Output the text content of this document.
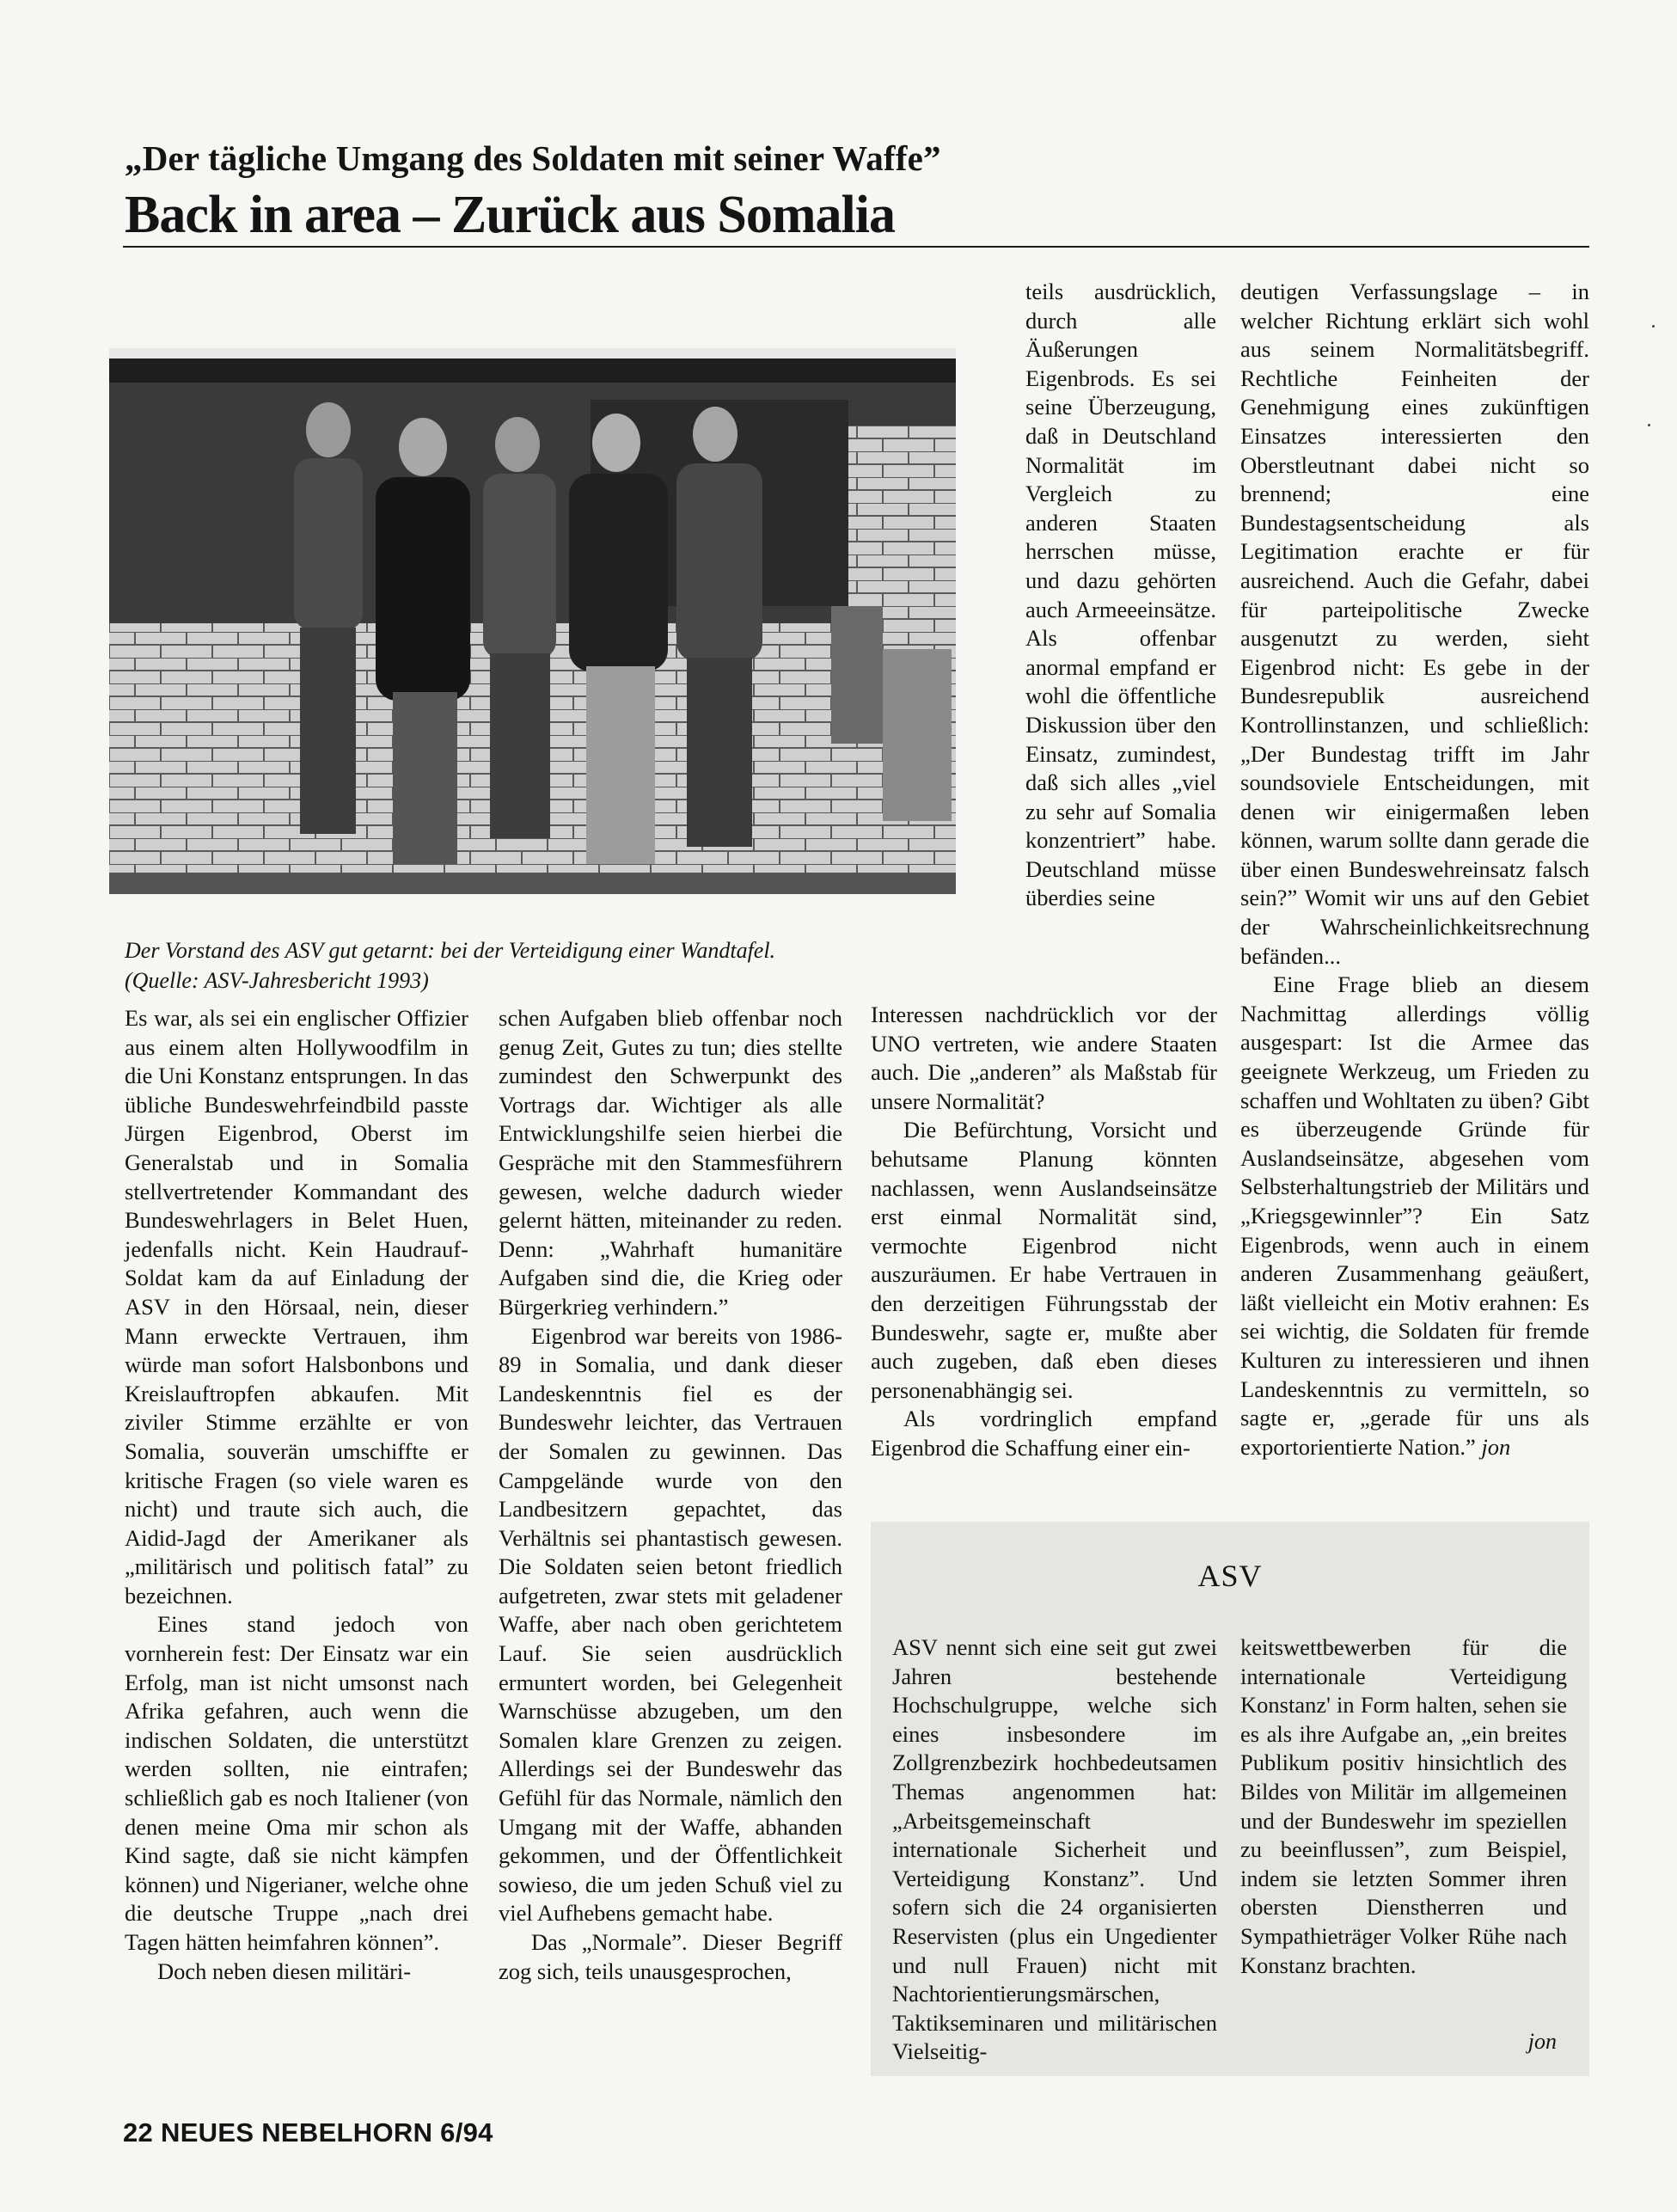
„Der tägliche Umgang des Soldaten mit seiner Waffe”
Back in area – Zurück aus Somalia
Der Vorstand des ASV gut getarnt: bei der Verteidigung einer Wandtafel.
(Quelle: ASV-Jahresbericht 1993)

Es war, als sei ein englischer Offizier aus einem alten Hollywoodfilm in die Uni Konstanz entsprungen. In das übliche Bundeswehrfeindbild passte Jürgen Eigenbrod, Oberst im Generalstab und in Somalia stellvertretender Kommandant des Bundeswehrlagers in Belet Huen, jedenfalls nicht. Kein Haudrauf-Soldat kam da auf Einladung der ASV in den Hörsaal, nein, dieser Mann erweckte Vertrauen, ihm würde man sofort Halsbonbons und Kreislauftropfen abkaufen. Mit ziviler Stimme erzählte er von Somalia, souverän umschiffte er kritische Fragen (so viele waren es nicht) und traute sich auch, die Aidid-Jagd der Amerikaner als „militärisch und politisch fatal” zu bezeichnen.

Eines stand jedoch von vornherein fest: Der Einsatz war ein Erfolg, man ist nicht umsonst nach Afrika gefahren, auch wenn die indischen Soldaten, die unterstützt werden sollten, nie eintrafen; schließlich gab es noch Italiener (von denen meine Oma mir schon als Kind sagte, daß sie nicht kämpfen können) und Nigerianer, welche ohne die deutsche Truppe „nach drei Tagen hätten heimfahren können”.

Doch neben diesen militäri-

schen Aufgaben blieb offenbar noch genug Zeit, Gutes zu tun; dies stellte zumindest den Schwerpunkt des Vortrags dar. Wichtiger als alle Entwicklungshilfe seien hierbei die Gespräche mit den Stammesführern gewesen, welche dadurch wieder gelernt hätten, miteinander zu reden. Denn: „Wahrhaft humanitäre Aufgaben sind die, die Krieg oder Bürgerkrieg verhindern.”

Eigenbrod war bereits von 1986-89 in Somalia, und dank dieser Landeskenntnis fiel es der Bundeswehr leichter, das Vertrauen der Somalen zu gewinnen. Das Campgelände wurde von den Landbesitzern gepachtet, das Verhältnis sei phantastisch gewesen. Die Soldaten seien betont friedlich aufgetreten, zwar stets mit geladener Waffe, aber nach oben gerichtetem Lauf. Sie seien ausdrücklich ermuntert worden, bei Gelegenheit Warnschüsse abzugeben, um den Somalen klare Grenzen zu zeigen. Allerdings sei der Bundeswehr das Gefühl für das Normale, nämlich den Umgang mit der Waffe, abhanden gekommen, und der Öffentlichkeit sowieso, die um jeden Schuß viel zu viel Aufhebens gemacht habe.

Das „Normale”. Dieser Begriff zog sich, teils unausgesprochen,

teils ausdrücklich, durch alle Äußerungen Eigenbrods. Es sei seine Überzeugung, daß in Deutschland Normalität im Vergleich zu anderen Staaten herrschen müsse, und dazu gehörten auch Armeeeinsätze. Als offenbar anormal empfand er wohl die öffentliche Diskussion über den Einsatz, zumindest, daß sich alles „viel zu sehr auf Somalia konzentriert” habe. Deutschland müsse überdies seine

Interessen nachdrücklich vor der UNO vertreten, wie andere Staaten auch. Die „anderen” als Maßstab für unsere Normalität?

Die Befürchtung, Vorsicht und behutsame Planung könnten nachlassen, wenn Auslandseinsätze erst einmal Normalität sind, vermochte Eigenbrod nicht auszuräumen. Er habe Vertrauen in den derzeitigen Führungsstab der Bundeswehr, sagte er, mußte aber auch zugeben, daß eben dieses personenabhängig sei.

Als vordringlich empfand Eigenbrod die Schaffung einer ein-

deutigen Verfassungslage – in welcher Richtung erklärt sich wohl aus seinem Normalitätsbegriff. Rechtliche Feinheiten der Genehmigung eines zukünftigen Einsatzes interessierten den Oberstleutnant dabei nicht so brennend; eine Bundestagsentscheidung als Legitimation erachte er für ausreichend. Auch die Gefahr, dabei für parteipolitische Zwecke ausgenutzt zu werden, sieht Eigenbrod nicht: Es gebe in der Bundesrepublik ausreichend Kontrollinstanzen, und schließlich: „Der Bundestag trifft im Jahr soundsoviele Entscheidungen, mit denen wir einigermaßen leben können, warum sollte dann gerade die über einen Bundeswehreinsatz falsch sein?” Womit wir uns auf den Gebiet der Wahrscheinlichkeitsrechnung befänden...

Eine Frage blieb an diesem Nachmittag allerdings völlig ausgespart: Ist die Armee das geeignete Werkzeug, um Frieden zu schaffen und Wohltaten zu üben? Gibt es überzeugende Gründe für Auslandseinsätze, abgesehen vom Selbsterhaltungstrieb der Militärs und „Kriegsgewinnler”? Ein Satz Eigenbrods, wenn auch in einem anderen Zusammenhang geäußert, läßt vielleicht ein Motiv erahnen: Es sei wichtig, die Soldaten für fremde Kulturen zu interessieren und ihnen Landeskenntnis zu vermitteln, so sagte er, „gerade für uns als exportorientierte Nation.” jon

ASV

ASV nennt sich eine seit gut zwei Jahren bestehende Hochschulgruppe, welche sich eines insbesondere im Zollgrenzbezirk hochbedeutsamen Themas angenommen hat: „Arbeitsgemeinschaft internationale Sicherheit und Verteidigung Konstanz”. Und sofern sich die 24 organisierten Reservisten (plus ein Ungedienter und null Frauen) nicht mit Nachtorientierungsmärschen, Taktikseminaren und militärischen Vielseitig-

keitswettbewerben für die internationale Verteidigung Konstanz' in Form halten, sehen sie es als ihre Aufgabe an, „ein breites Publikum positiv hinsichtlich des Bildes von Militär im allgemeinen und der Bundeswehr im speziellen zu beeinflussen”, zum Beispiel, indem sie letzten Sommer ihren obersten Dienstherren und Sympathieträger Volker Rühe nach Konstanz brachten.

jon
22 NEUES NEBELHORN 6/94
